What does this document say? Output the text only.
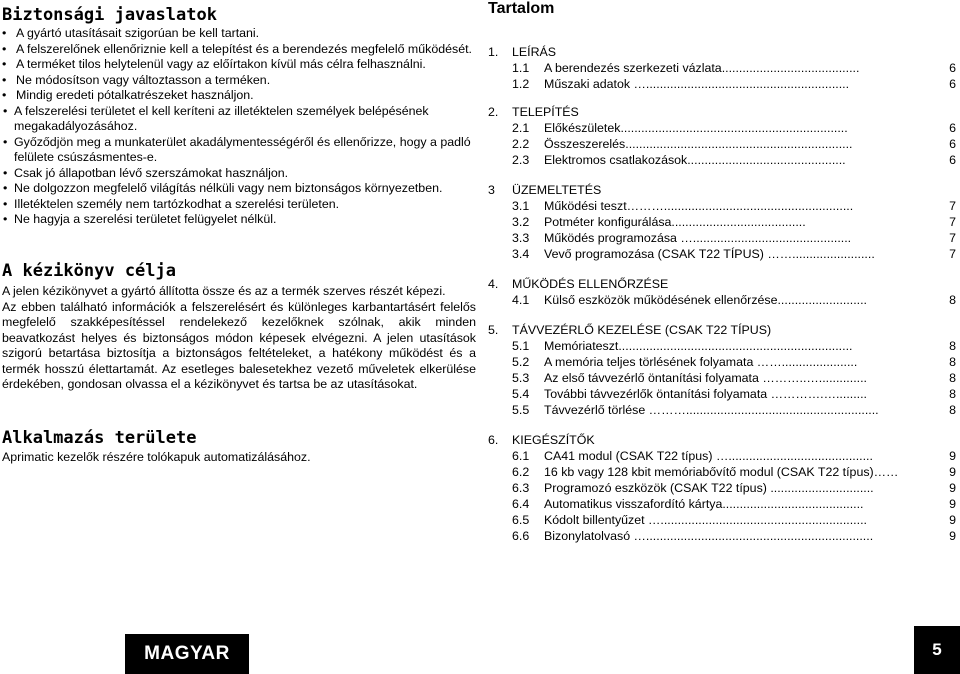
Biztonsági javaslatok
• A gyártó utasításait szigorúan be kell tartani.
• A felszerelőnek ellenőriznie kell a telepítést és a berendezés megfelelő működését.
• A terméket tilos helytelenül vagy az előírtakon kívül más célra felhasználni.
• Ne módosítson vagy változtasson a terméken.
• Mindig eredeti pótalkatrészeket használjon.
• A felszerelési területet el kell keríteni az illetéktelen személyek belépésének megakadályozásához.
• Győződjön meg a munkaterület akadálymentességéről és ellenőrizze, hogy a padló felülete csúszásmentes-e.
• Csak jó állapotban lévő szerszámokat használjon.
• Ne dolgozzon megfelelő világítás nélküli vagy nem biztonságos környezetben.
• Illetéktelen személy nem tartózkodhat a szerelési területen.
• Ne hagyja a szerelési területet felügyelet nélkül.
A kézikönyv célja

A jelen kézikönyvet a gyártó állította össze és az a termék szerves részét képezi.

Az ebben található információk a felszerelésért és különleges karbantartásért felelős megfelelő szakképesítéssel rendelekező kezelőknek szólnak, akik minden beavatkozást helyes és biztonságos módon képesek elvégezni. A jelen utasítások szigorú betartása biztosítja a biztonságos feltételeket, a hatékony működést és a termék hosszú élettartamát. Az esetleges balesetekhez vezető műveletek elkerülése érdekében, gondosan olvassa el a kézikönyvet és tartsa be az utasításokat.

Alkalmazás területe

Aprimatic kezelők részére tolókapuk automatizálásához.

Tartalom
1.	LEÍRÁS
1.1	A berendezés szerkezeti vázlata........................................	6
1.2	Műszaki adatok …...........................................................	6
2.	TELEPÍTÉS
2.1	Előkészületek..................................................................	6
2.2	Összeszerelés..................................................................	6
2.3	Elektromos csatlakozások..............................................	6
3	ÜZEMELTETÉS
3.1	Működési teszt……….......................................................	7
3.2	Potméter konfigurálása.......................................	7
3.3	Működés programozása …..............................................	7
3.4	Vevő programozása (CSAK T22 TÍPUS) ……........................	7
4.	MŰKÖDÉS ELLENŐRZÉSE
4.1	Külső eszközök működésének ellenőrzése..........................	8
5.	TÁVVEZÉRLŐ KEZELÉSE (CSAK T22 TÍPUS)
5.1	Memóriateszt....................................................................	8
5.2	A memória teljes törlésének folyamata ……......................	8
5.3	Az első távvezérlő öntanítási folyamata ………..…..............	8
5.4	További távvezérlők öntanítási folyamata ………….….........	8
5.5	Távvezérlő törlése ………........................................................	8
6.	KIEGÉSZÍTŐK
6.1	CA41 modul (CSAK T22 típus) …..........................................	9
6.2	16 kb vagy 128 kbit memóriabővítő modul (CSAK T22 típus)……	9
6.3	Programozó eszközök (CSAK T22 típus) ..............................	9
6.4	Automatikus visszafordító kártya.........................................	9
6.5	Kódolt billentyűzet …............................................................	9
6.6	Bizonylatolvasó …..................................................................	9
MAGYAR	5
